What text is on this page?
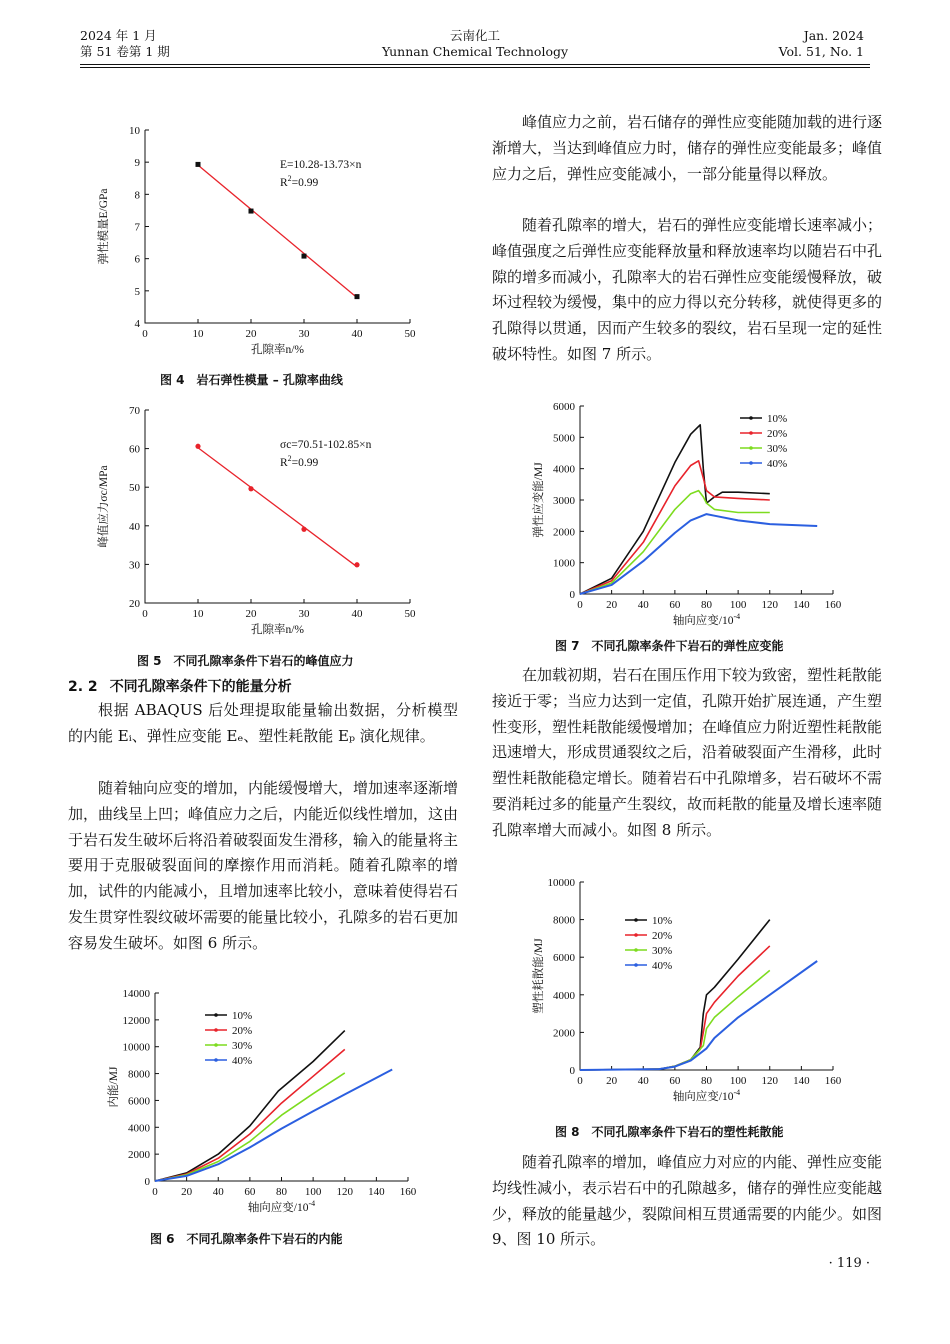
2024 年 1 月
第 51 卷第 1 期
云南化工
Yunnan Chemical Technology
Jan. 2024
Vol. 51, No. 1
0	10	20	30	40	50
4
5
6
7
8
9
10
孔隙率n/%
弹性模量E/GPa
E=10.28-13.73×n
$R^2=0.99$
图 4　岩石弹性模量 – 孔隙率曲线
0	10	20	30	40	50
20
30
40
50
60
70
孔隙率n/%
峰值应力σc/MPa
σc=70.51-102.85×n
$R^2=0.99$
图 5　不同孔隙率条件下岩石的峰值应力
2. 2 不同孔隙率条件下的能量分析

根据 ABAQUS 后处理提取能量输出数据，分析模型的内能 Eᵢ、弹性应变能 Eₑ、塑性耗散能 Eₚ 演化规律。

随着轴向应变的增加，内能缓慢增大，增加速率逐渐增加，曲线呈上凹；峰值应力之后，内能近似线性增加，这由于岩石发生破坏后将沿着破裂面发生滑移，输入的能量将主要用于克服破裂面间的摩擦作用而消耗。随着孔隙率的增加，试件的内能减小，且增加速率比较小，意味着使得岩石发生贯穿性裂纹破坏需要的能量比较小，孔隙多的岩石更加容易发生破坏。如图 6 所示。

0 20 40 60 80 100 120 140 160
0
2000
4000
6000
8000
10000
12000
14000
轴向应变$/10^{-4}$
内能/MJ
10%
20%
30%
40%
图 6　不同孔隙率条件下岩石的内能

峰值应力之前，岩石储存的弹性应变能随加载的进行逐渐增大，当达到峰值应力时，储存的弹性应变能最多；峰值应力之后，弹性应变能减小，一部分能量得以释放。

随着孔隙率的增大，岩石的弹性应变能增长速率减小；峰值强度之后弹性应变能释放量和释放速率均以随岩石中孔隙的增多而减小，孔隙率大的岩石弹性应变能缓慢释放，破坏过程较为缓慢，集中的应力得以充分转移，就使得更多的孔隙得以贯通，因而产生较多的裂纹，岩石呈现一定的延性破坏特性。如图 7 所示。

0 20 40 60 80 100 120 140 160
0
1000
2000
3000
4000
5000
6000
轴向应变$/10^{-4}$
弹性应变能/MJ
10%
20%
30%
40%
图 7　不同孔隙率条件下岩石的弹性应变能

在加载初期，岩石在围压作用下较为致密，塑性耗散能接近于零；当应力达到一定值，孔隙开始扩展连通，产生塑性变形，塑性耗散能缓慢增加；在峰值应力附近塑性耗散能迅速增大，形成贯通裂纹之后，沿着破裂面产生滑移，此时塑性耗散能稳定增长。随着岩石中孔隙增多，岩石破坏不需要消耗过多的能量产生裂纹，故而耗散的能量及增长速率随孔隙率增大而减小。如图 8 所示。

0 20 40 60 80 100 120 140 160
0
2000
4000
6000
8000
10000
轴向应变$/10^{-4}$
塑性耗散能/MJ
10%
20%
30%
40%
图 8　不同孔隙率条件下岩石的塑性耗散能

随着孔隙率的增加，峰值应力对应的内能、弹性应变能均线性减小，表示岩石中的孔隙越多，储存的弹性应变能越少，释放的能量越少，裂隙间相互贯通需要的内能少。如图 9、图 10 所示。

· 119 ·
